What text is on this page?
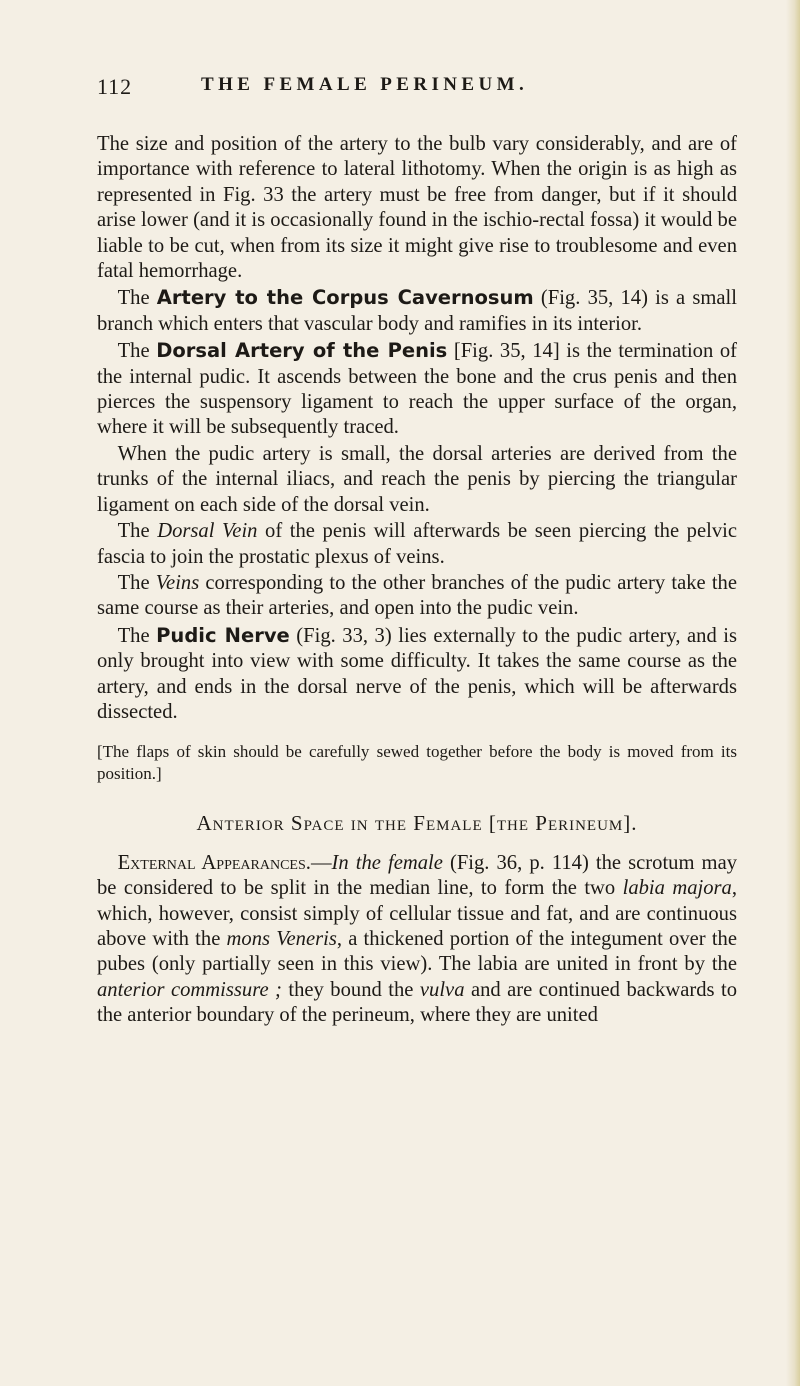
112	THE FEMALE PERINEUM.

The size and position of the artery to the bulb vary considerably, and are of importance with reference to lateral lithotomy. When the origin is as high as represented in Fig. 33 the artery must be free from danger, but if it should arise lower (and it is occasionally found in the ischio-rectal fossa) it would be liable to be cut, when from its size it might give rise to troublesome and even fatal hemorrhage.

 The Artery to the Corpus Cavernosum (Fig. 35, 14) is a small branch which enters that vascular body and ramifies in its interior.

 The Dorsal Artery of the Penis [Fig. 35, 14] is the termination of the internal pudic. It ascends between the bone and the crus penis and then pierces the suspensory ligament to reach the upper surface of the organ, where it will be subsequently traced.

 When the pudic artery is small, the dorsal arteries are derived from the trunks of the internal iliacs, and reach the penis by piercing the triangular ligament on each side of the dorsal vein.

 The Dorsal Vein of the penis will afterwards be seen piercing the pelvic fascia to join the prostatic plexus of veins.

 The Veins corresponding to the other branches of the pudic artery take the same course as their arteries, and open into the pudic vein.

 The Pudic Nerve (Fig. 33, 3) lies externally to the pudic artery, and is only brought into view with some difficulty. It takes the same course as the artery, and ends in the dorsal nerve of the penis, which will be afterwards dissected.

[The flaps of skin should be carefully sewed together before the body is moved from its position.]

Anterior Space in the Female [the Perineum].

 External Appearances.—In the female (Fig. 36, p. 114) the scrotum may be considered to be split in the median line, to form the two labia majora, which, however, consist simply of cellular tissue and fat, and are continuous above with the mons Veneris, a thickened portion of the integument over the pubes (only partially seen in this view). The labia are united in front by the anterior commissure ; they bound the vulva and are continued backwards to the anterior boundary of the perineum, where they are united
